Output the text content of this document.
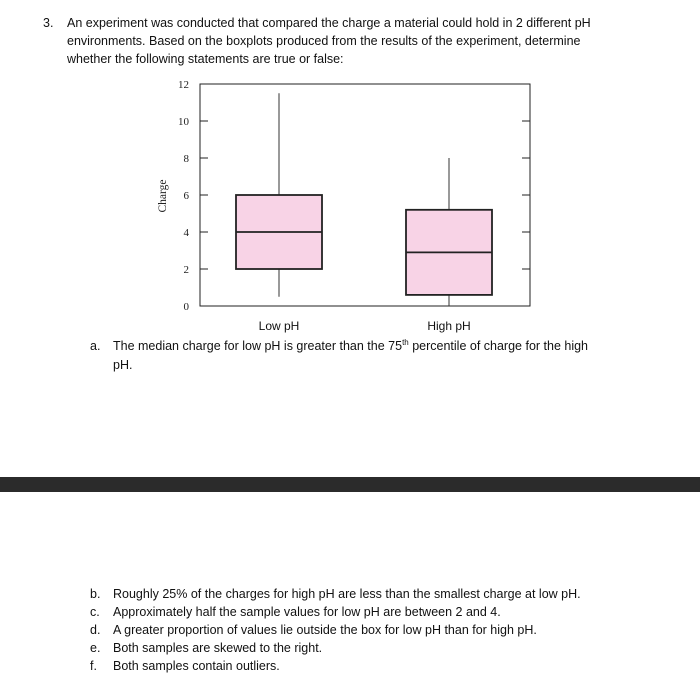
3. An experiment was conducted that compared the charge a material could hold in 2 different pH
environments. Based on the boxplots produced from the results of the experiment, determine
whether the following statements are true or false:
0
2
4
6
8
10
12
Charge
Low pH	High pH
a. The median charge for low pH is greater than the 75th percentile of charge for the high
pH.
b. Roughly 25% of the charges for high pH are less than the smallest charge at low pH.
c. Approximately half the sample values for low pH are between 2 and 4.
d. A greater proportion of values lie outside the box for low pH than for high pH.
e. Both samples are skewed to the right.
f. Both samples contain outliers.
